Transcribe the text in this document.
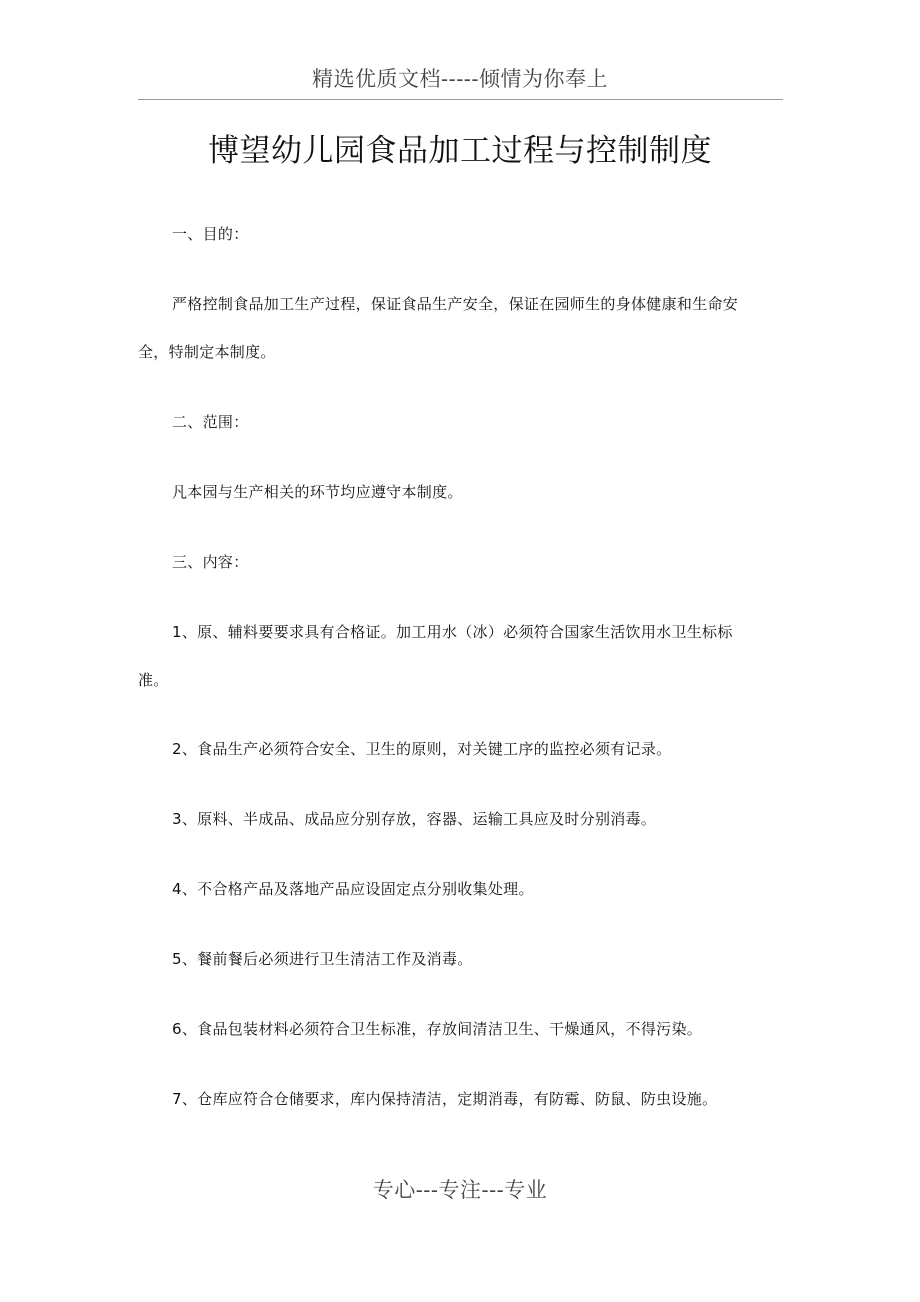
精选优质文档-----倾情为你奉上
博望幼儿园食品加工过程与控制制度
一、目的：
严格控制食品加工生产过程，保证食品生产安全，保证在园师生的身体健康和生命安
全，特制定本制度。
二、范围：
凡本园与生产相关的环节均应遵守本制度。
三、内容：
1、原、辅料要要求具有合格证。加工用水（冰）必须符合国家生活饮用水卫生标标
准。
2、食品生产必须符合安全、卫生的原则，对关键工序的监控必须有记录。
3、原料、半成品、成品应分别存放，容器、运输工具应及时分别消毒。
4、不合格产品及落地产品应设固定点分别收集处理。
5、餐前餐后必须进行卫生清洁工作及消毒。
6、食品包装材料必须符合卫生标准，存放间清洁卫生、干燥通风，不得污染。
7、仓库应符合仓储要求，库内保持清洁，定期消毒，有防霉、防鼠、防虫设施。
专心---专注---专业
